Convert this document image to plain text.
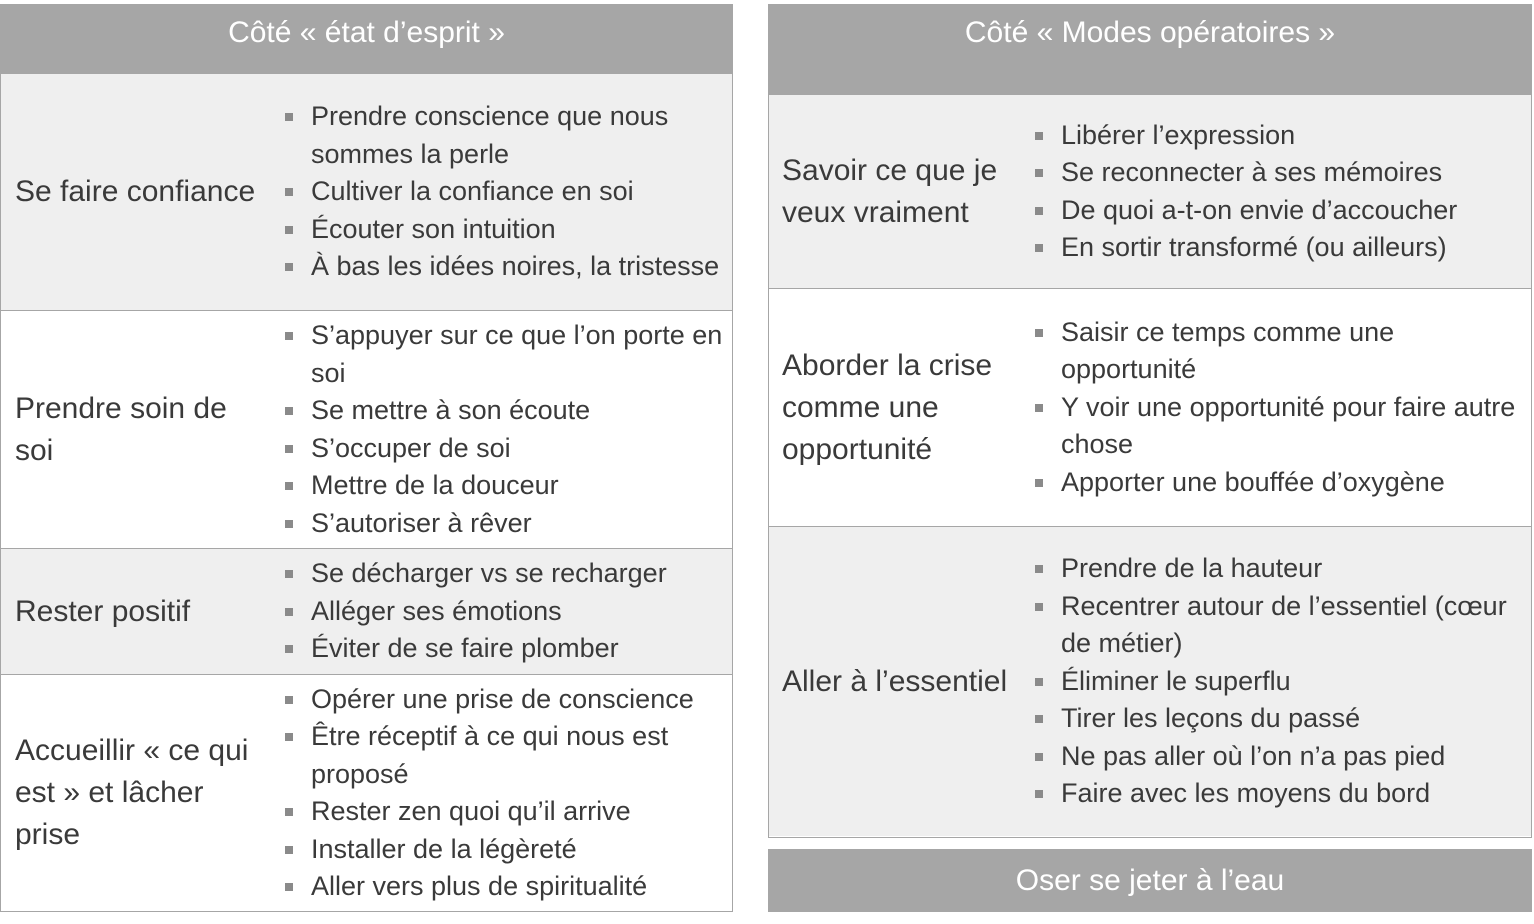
Côté « état d’esprit »
Se faire confiance
Prendre conscience que nous sommes la perle
Cultiver la confiance en soi
Écouter son intuition
À bas les idées noires, la tristesse
Prendre soin de soi
S’appuyer sur ce que l’on porte en soi
Se mettre à son écoute
S’occuper de soi
Mettre de la douceur
S’autoriser à rêver
Rester positif
Se décharger vs se recharger
Alléger ses émotions
Éviter de se faire plomber
Accueillir « ce qui est » et lâcher prise
Opérer une prise de conscience
Être réceptif à ce qui nous est proposé
Rester zen quoi qu’il arrive
Installer de la légèreté
Aller vers plus de spiritualité
Côté « Modes opératoires »
Savoir ce que je veux vraiment
Libérer l’expression
Se reconnecter à ses mémoires
De quoi a-t-on envie d’accoucher
En sortir transformé (ou ailleurs)
Aborder la crise comme une opportunité
Saisir ce temps comme une opportunité
Y voir une opportunité pour faire autre chose
Apporter une bouffée d’oxygène
Aller à l’essentiel
Prendre de la hauteur
Recentrer autour de l’essentiel (cœur de métier)
Éliminer le superflu
Tirer les leçons du passé
Ne pas aller où l’on n’a pas pied
Faire avec les moyens du bord
Oser se jeter à l’eau
